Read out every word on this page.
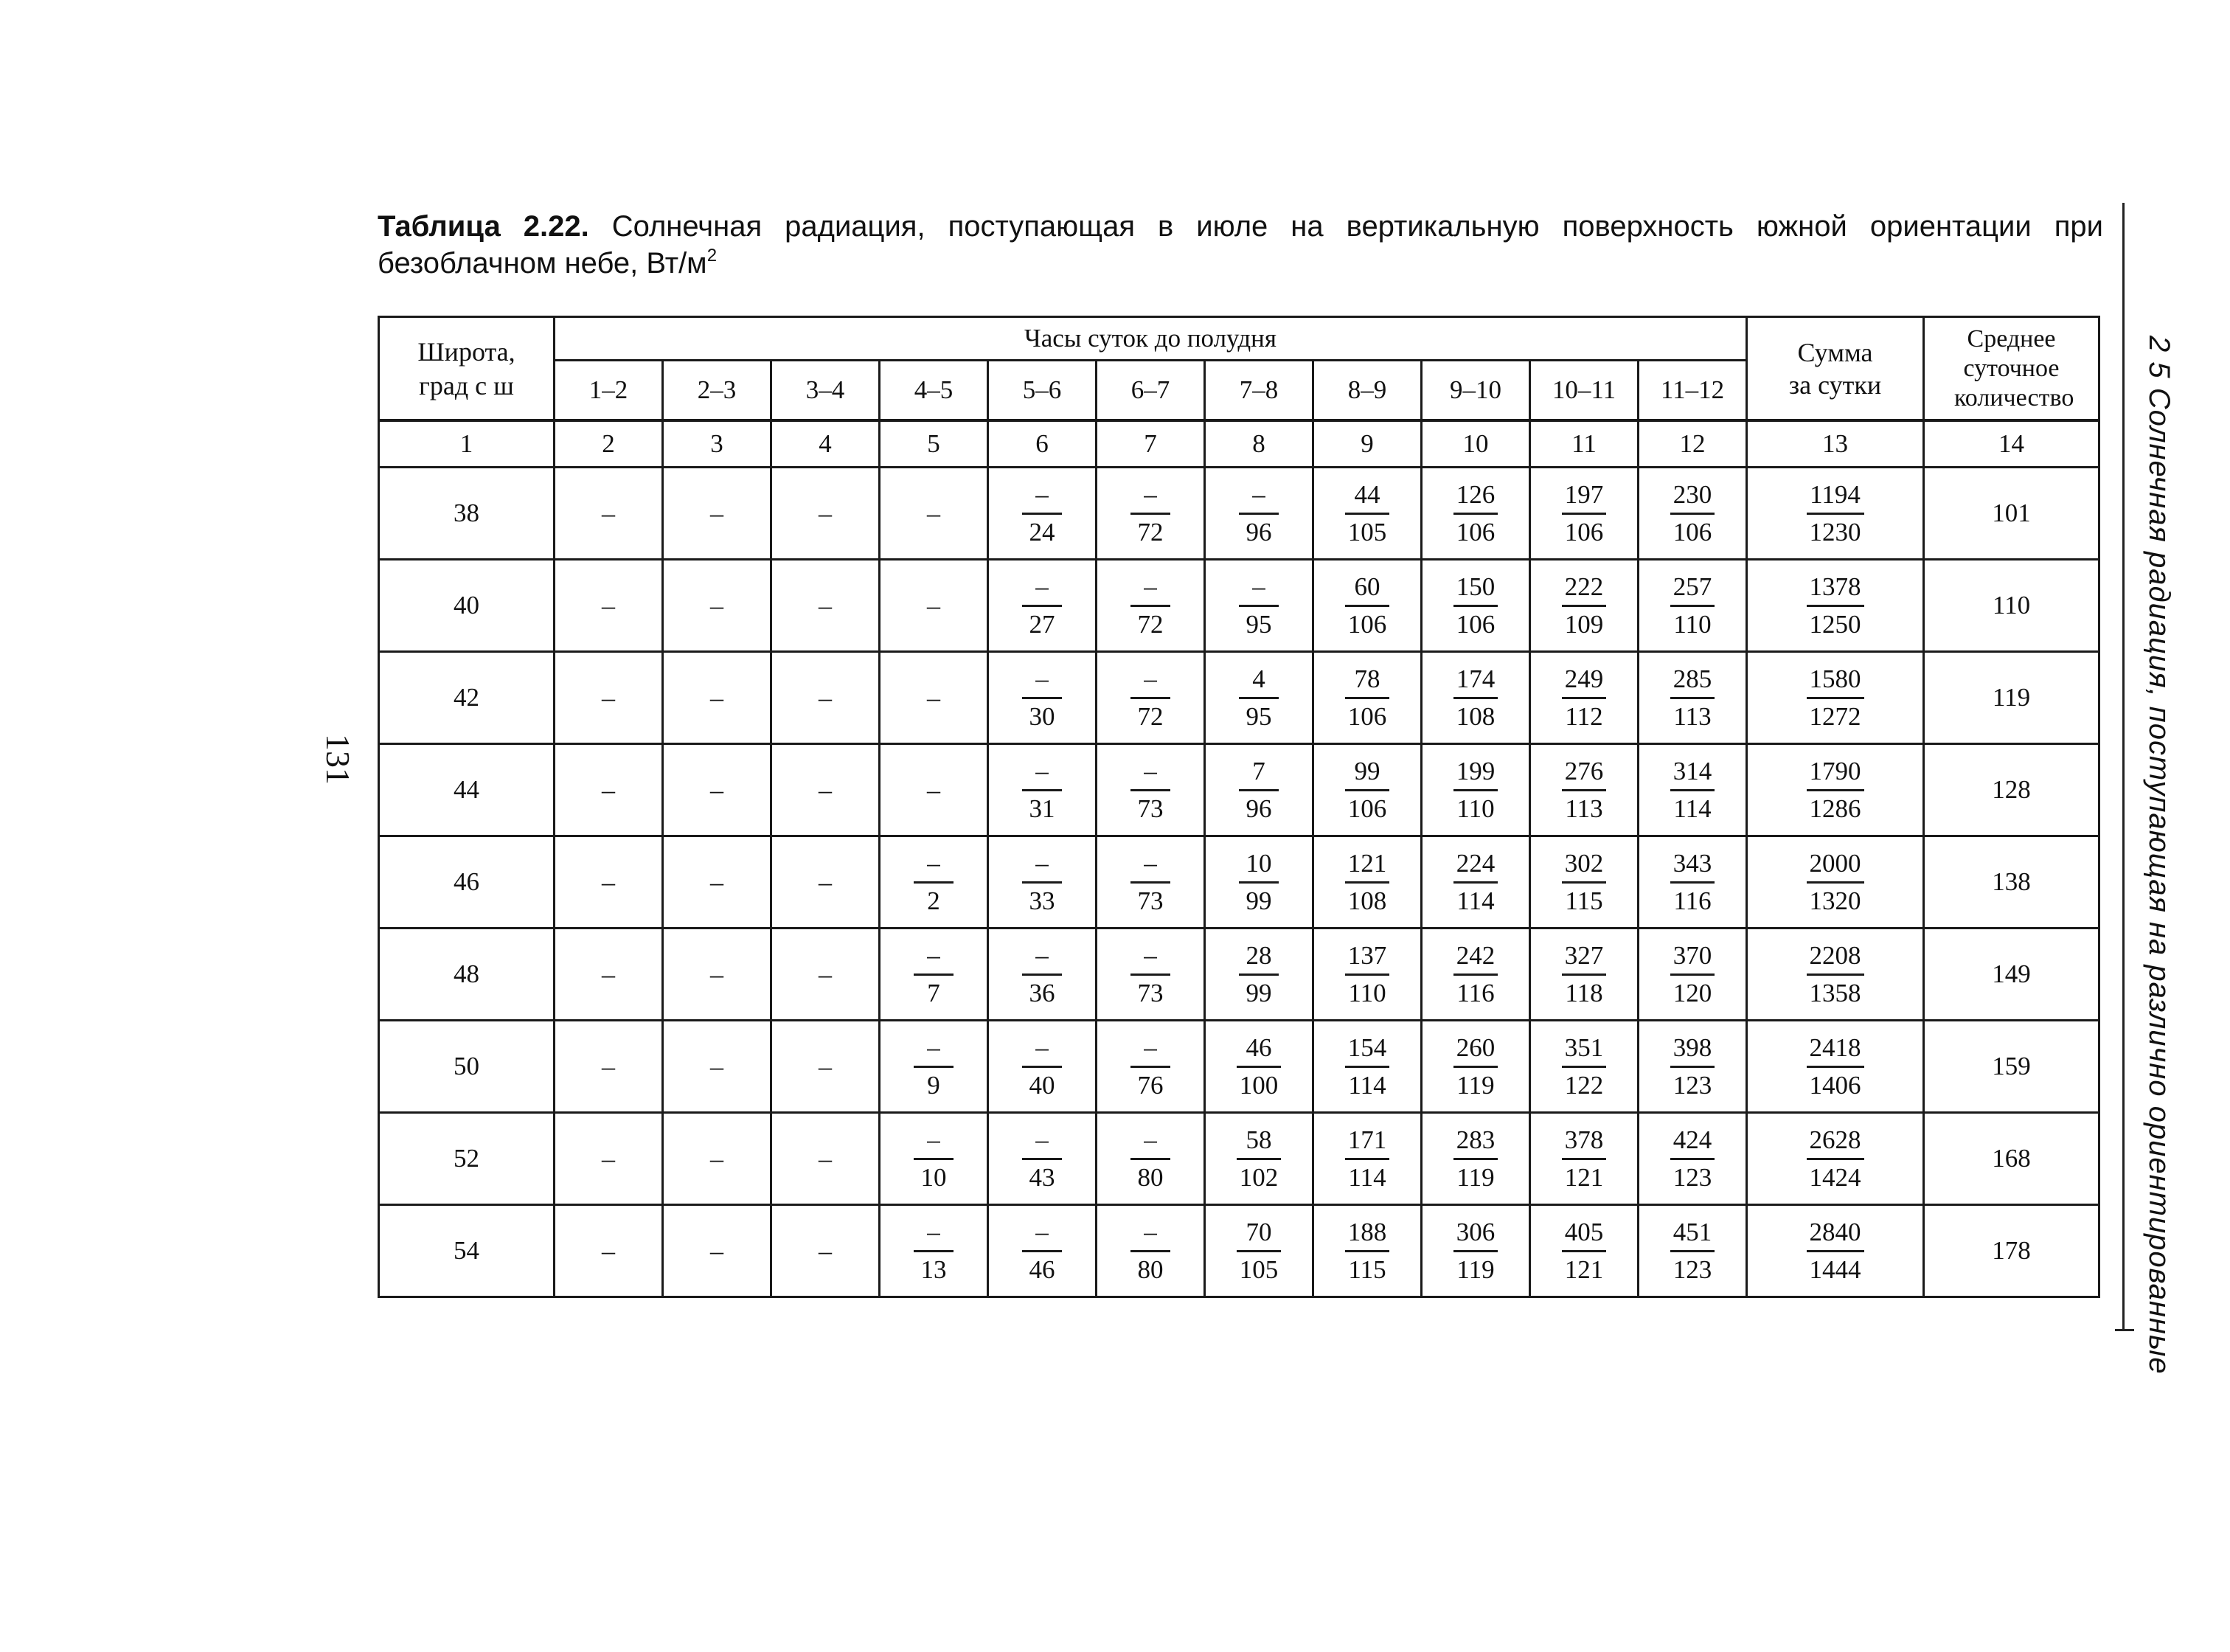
Таблица 2.22. Солнечная радиация, поступающая в июле на вертикальную поверхность южной ориентации при безоблачном небе, $Вт/м^2$
2 5 Солнечная радиация, поступающая на различно ориентированные
131
Широта, град с ш	Часы суток до полудня											Сумма за сутки	Среднее суточное количество

	1–2	2–3	3–4	4–5	5–6	6–7	7–8	8–9	9–10	10–11	11–12		
1	2	3	4	5	6	7	8	9	10	11	12	13	14
38	–	–	–	–	$\frac{-}{24}$	$\frac{-}{72}$	$\frac{-}{96}$	$\frac{44}{105}$	$\frac{126}{106}$	$\frac{197}{106}$	$\frac{230}{106}$	$\frac{1194}{1230}$	101
40	–	–	–	–	$\frac{-}{27}$	$\frac{-}{72}$	$\frac{-}{95}$	$\frac{60}{106}$	$\frac{150}{106}$	$\frac{222}{109}$	$\frac{257}{110}$	$\frac{1378}{1250}$	110
42	–	–	–	–	$\frac{-}{30}$	$\frac{-}{72}$	$\frac{4}{95}$	$\frac{78}{106}$	$\frac{174}{108}$	$\frac{249}{112}$	$\frac{285}{113}$	$\frac{1580}{1272}$	119
44	–	–	–	–	$\frac{-}{31}$	$\frac{-}{73}$	$\frac{7}{96}$	$\frac{99}{106}$	$\frac{199}{110}$	$\frac{276}{113}$	$\frac{314}{114}$	$\frac{1790}{1286}$	128
46	–	–	–	$\frac{-}{2}$	$\frac{-}{33}$	$\frac{-}{73}$	$\frac{10}{99}$	$\frac{121}{108}$	$\frac{224}{114}$	$\frac{302}{115}$	$\frac{343}{116}$	$\frac{2000}{1320}$	138
48	–	–	–	$\frac{-}{7}$	$\frac{-}{36}$	$\frac{-}{73}$	$\frac{28}{99}$	$\frac{137}{110}$	$\frac{242}{116}$	$\frac{327}{118}$	$\frac{370}{120}$	$\frac{2208}{1358}$	149
50	–	–	–	$\frac{-}{9}$	$\frac{-}{40}$	$\frac{-}{76}$	$\frac{46}{100}$	$\frac{154}{114}$	$\frac{260}{119}$	$\frac{351}{122}$	$\frac{398}{123}$	$\frac{2418}{1406}$	159
52	–	–	–	$\frac{-}{10}$	$\frac{-}{43}$	$\frac{-}{80}$	$\frac{58}{102}$	$\frac{171}{114}$	$\frac{283}{119}$	$\frac{378}{121}$	$\frac{424}{123}$	$\frac{2628}{1424}$	168
54	–	–	–	$\frac{-}{13}$	$\frac{-}{46}$	$\frac{-}{80}$	$\frac{70}{105}$	$\frac{188}{115}$	$\frac{306}{119}$	$\frac{405}{121}$	$\frac{451}{123}$	$\frac{2840}{1444}$	178
